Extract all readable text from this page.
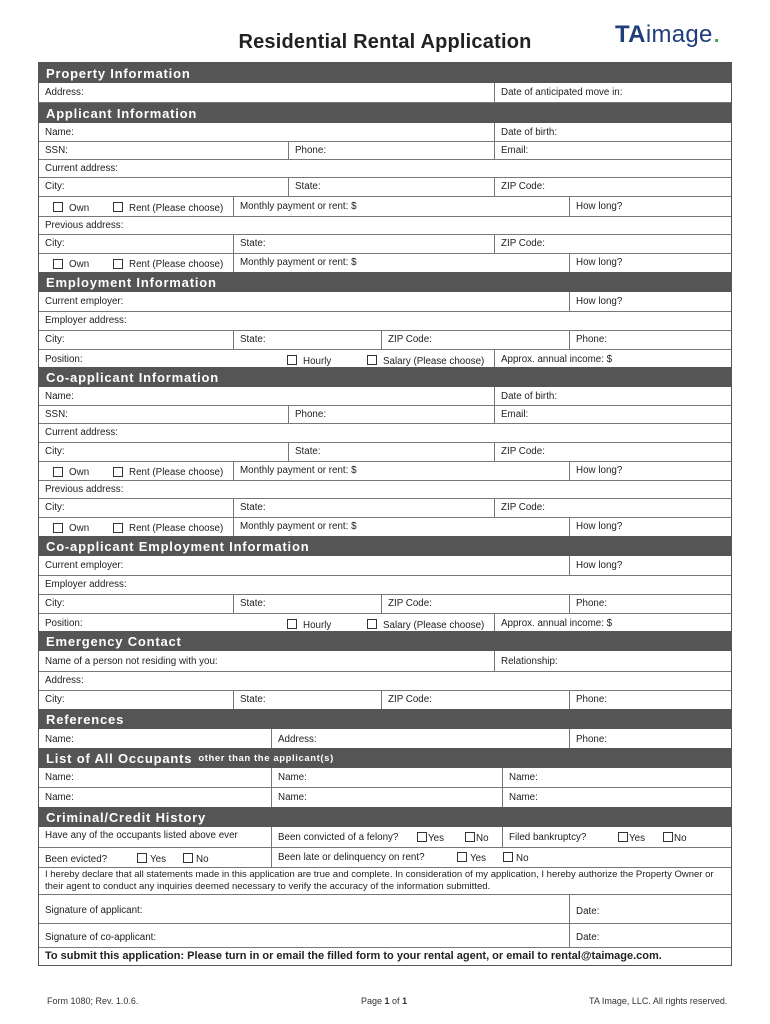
Residential Rental Application	TAimage.
Property Information
Address:	Date of anticipated move in:
Applicant Information
Name:	Date of birth:
SSN:	Phone:	Email:
Current address:
City:	State:	ZIP Code:
Own	Rent (Please choose)	Monthly payment or rent: $	How long?
Previous address:
City:	State:	ZIP Code:
Own	Rent (Please choose)	Monthly payment or rent: $	How long?
Employment Information
Current employer:	How long?
Employer address:
City:	State:	ZIP Code:	Phone:
Position:	Hourly	Salary (Please choose)	Approx. annual income: $
Co-applicant Information
Name:	Date of birth:
SSN:	Phone:	Email:
Current address:
City:	State:	ZIP Code:
Own	Rent (Please choose)	Monthly payment or rent: $	How long?
Previous address:
City:	State:	ZIP Code:
Own	Rent (Please choose)	Monthly payment or rent: $	How long?
Co-applicant Employment Information
Current employer:	How long?
Employer address:
City:	State:	ZIP Code:	Phone:
Position:	Hourly	Salary (Please choose)	Approx. annual income: $
Emergency Contact
Name of a person not residing with you:	Relationship:
Address:
City:	State:	ZIP Code:	Phone:
References
Name:	Address:	Phone:
List of All Occupants other than the applicant(s)
Name:	Name:	Name:
Name:	Name:	Name:
Criminal/Credit History
Have any of the occupants listed above ever	Been convicted of a felony?	Yes	No	Filed bankruptcy?	Yes	No
Been evicted?	Yes	No	Been late or delinquency on rent?	Yes	No
I hereby declare that all statements made in this application are true and complete. In consideration of my application, I hereby authorize the Property Owner or their agent to conduct any inquiries deemed necessary to verify the accuracy of the information submitted.
Signature of applicant:	Date:
Signature of co-applicant:	Date:
To submit this application: Please turn in or email the filled form to your rental agent, or email to rental@taimage.com.
Form 1080; Rev. 1.0.6.	Page 1 of 1	TA Image, LLC. All rights reserved.
